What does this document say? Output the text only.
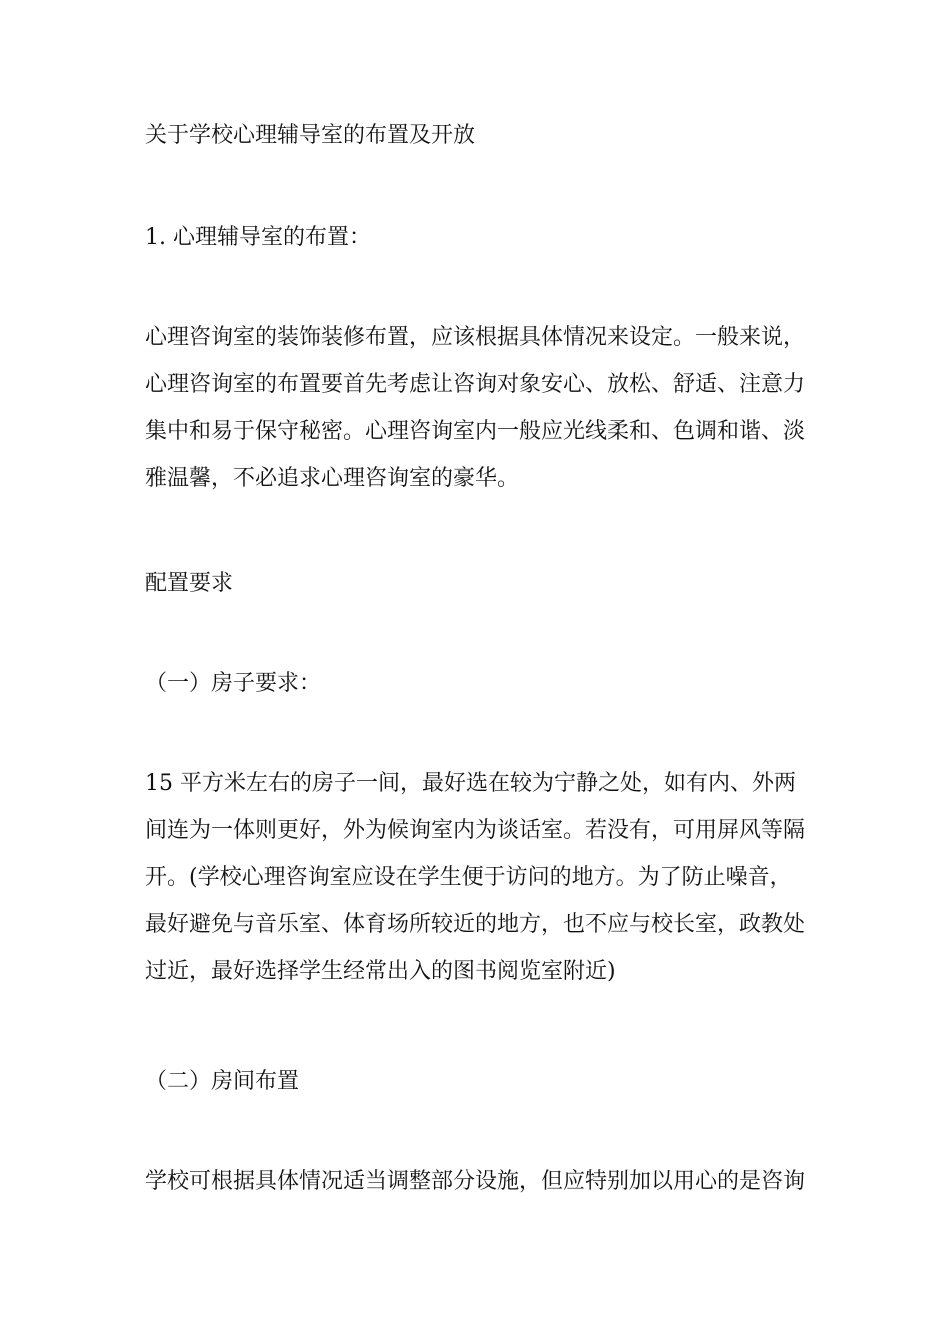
关于学校心理辅导室的布置及开放
1. 心理辅导室的布置：
心理咨询室的装饰装修布置，应该根据具体情况来设定。一般来说，
心理咨询室的布置要首先考虑让咨询对象安心、放松、舒适、注意力
集中和易于保守秘密。心理咨询室内一般应光线柔和、色调和谐、淡
雅温馨，不必追求心理咨询室的豪华。
配置要求
（一）房子要求：
15 平方米左右的房子一间，最好选在较为宁静之处，如有内、外两
间连为一体则更好，外为候询室内为谈话室。若没有，可用屏风等隔
开。(学校心理咨询室应设在学生便于访问的地方。为了防止噪音，
最好避免与音乐室、体育场所较近的地方，也不应与校长室，政教处
过近，最好选择学生经常出入的图书阅览室附近)
（二）房间布置
学校可根据具体情况适当调整部分设施，但应特别加以用心的是咨询
